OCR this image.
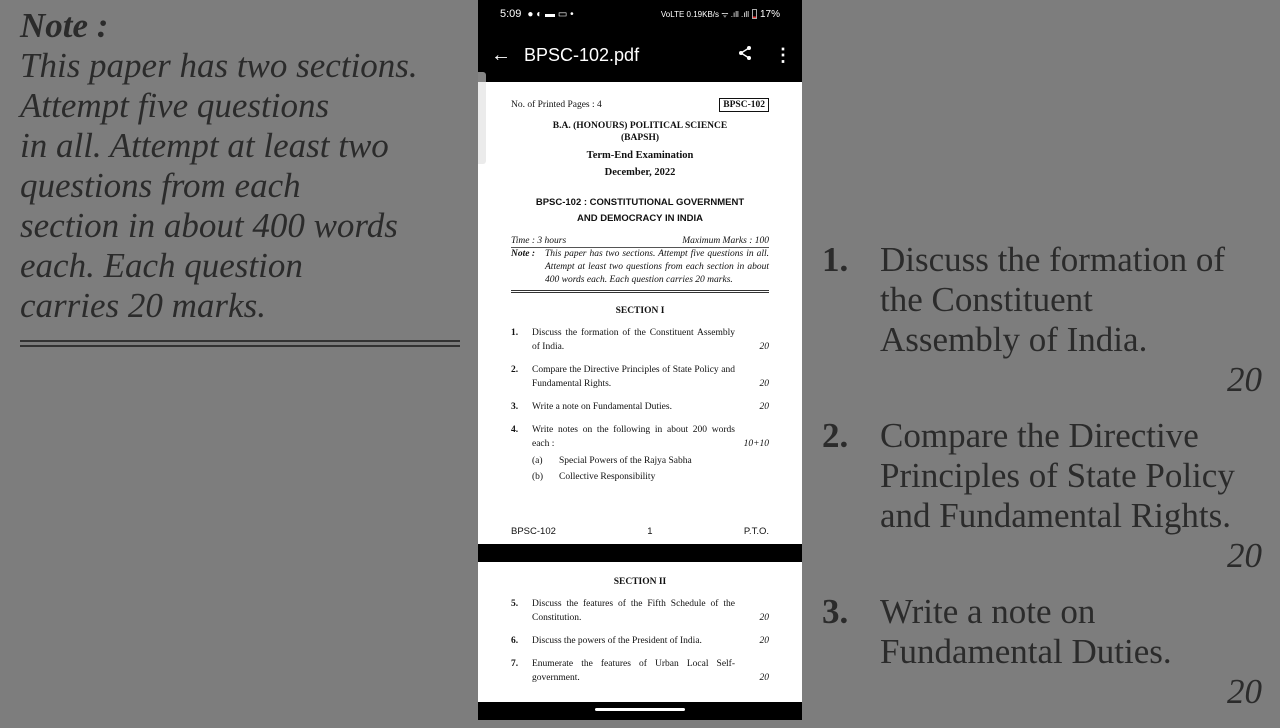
Note :
This paper has two sections. Attempt five questions
in all. Attempt at least two questions from each
section in about 400 words each. Each question
carries 20 marks.
1. Discuss the formation of the Constituent
Assembly of India.
20
2. Compare the Directive Principles of State Policy
and Fundamental Rights.
20
3. Write a note on Fundamental Duties.
20
5:09 ● ◐ ▬ ▭ •	VoLTE 0.19KB/s ᯤ .ıll .ıll 17%
← BPSC-102.pdf	⋮
No. of Printed Pages : 4	BPSC-102
B.A. (HONOURS) POLITICAL SCIENCE
(BAPSH)
Term-End Examination
December, 2022
BPSC-102 : CONSTITUTIONAL GOVERNMENT
AND DEMOCRACY IN INDIA
Time : 3 hours	Maximum Marks : 100
Note :	This paper has two sections. Attempt five questions in all. Attempt at least two questions from each section in about 400 words each. Each question carries 20 marks.
SECTION I
1.	Discuss the formation of the Constituent Assembly of India.	20
2.	Compare the Directive Principles of State Policy and Fundamental Rights.	20
3.	Write a note on Fundamental Duties.	20
4.	Write notes on the following in about 200 words each :	10+10
(a)	Special Powers of the Rajya Sabha
(b)	Collective Responsibility
BPSC-102	1	P.T.O.
SECTION II
5.	Discuss the features of the Fifth Schedule of the Constitution.	20
6.	Discuss the powers of the President of India.	20
7.	Enumerate the features of Urban Local Self-government.	20
